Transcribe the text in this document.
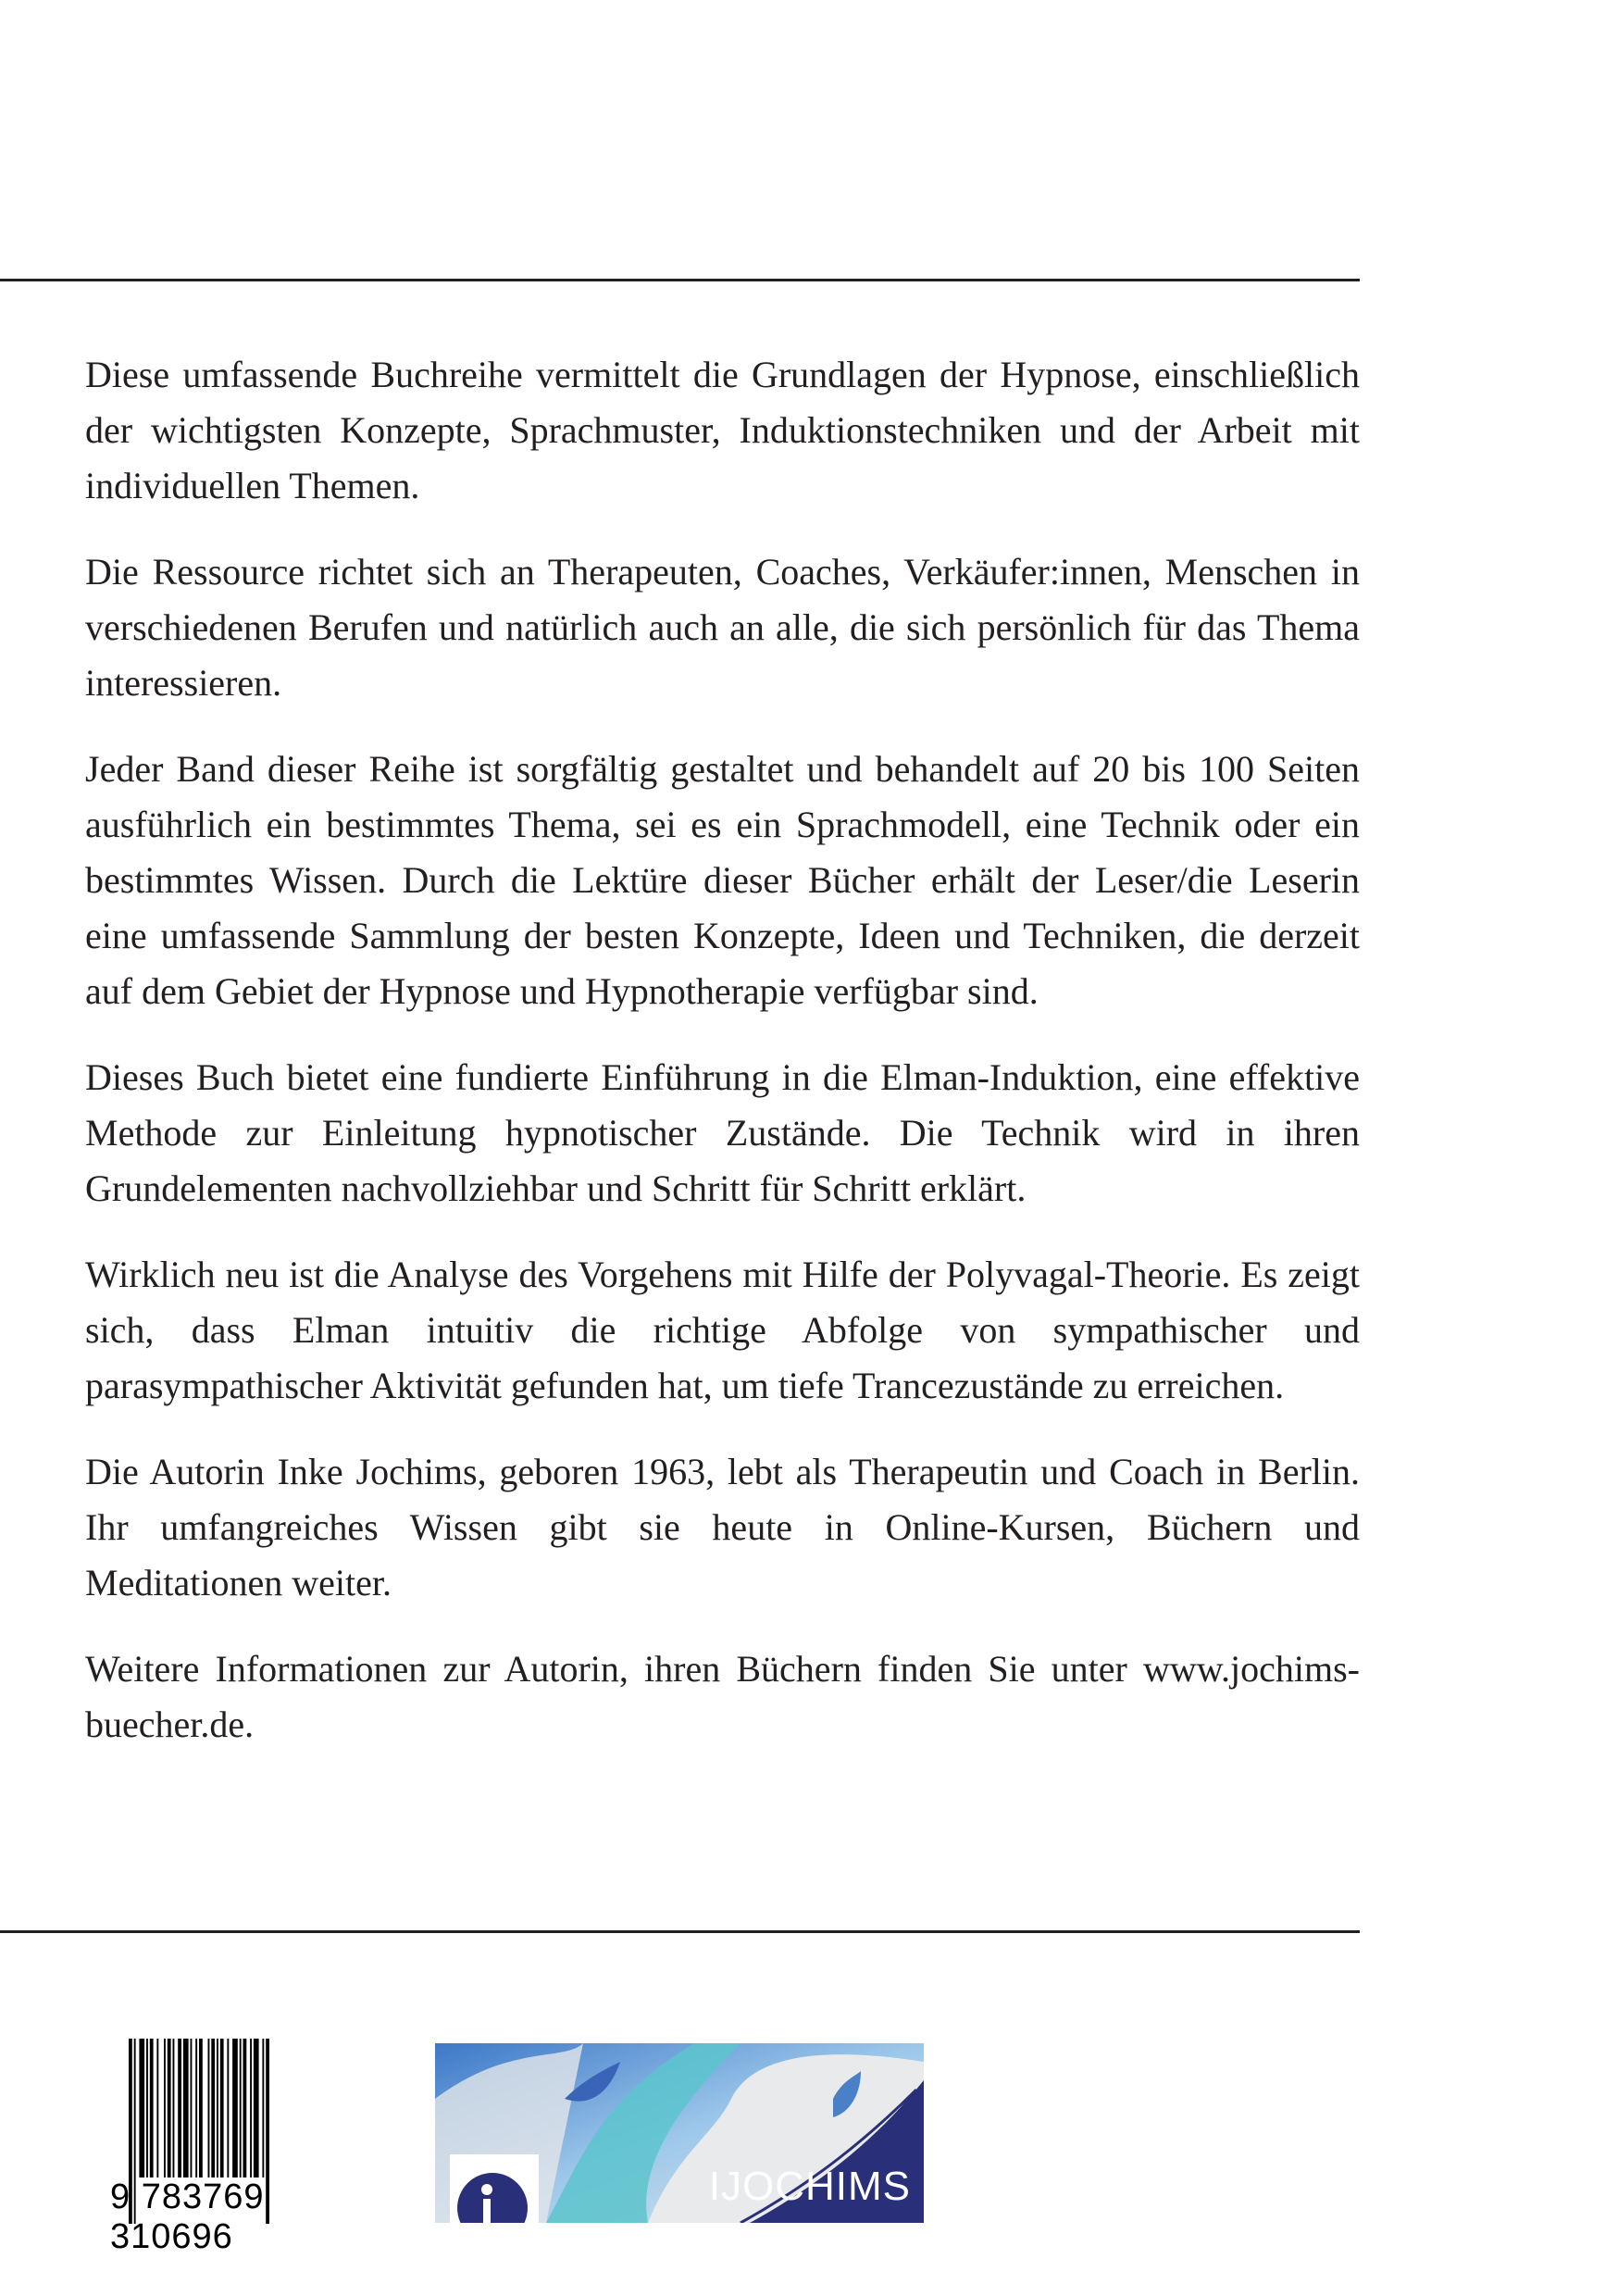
Diese umfassende Buchreihe vermittelt die Grundlagen der Hypnose, einschließlich der wichtigsten Konzepte, Sprachmuster, Induktionstechniken und der Arbeit mit individuellen Themen.

Die Ressource richtet sich an Therapeuten, Coaches, Verkäufer:innen, Menschen in verschiedenen Berufen und natürlich auch an alle, die sich persönlich für das Thema interessieren.

Jeder Band dieser Reihe ist sorgfältig gestaltet und behandelt auf 20 bis 100 Seiten ausführlich ein bestimmtes Thema, sei es ein Sprachmodell, eine Technik oder ein bestimmtes Wissen. Durch die Lektüre dieser Bücher erhält der Leser/die Leserin eine umfassende Sammlung der besten Konzepte, Ideen und Techniken, die derzeit auf dem Gebiet der Hypnose und Hypnotherapie verfügbar sind.

Dieses Buch bietet eine fundierte Einführung in die Elman-Induktion, eine effektive Methode zur Einleitung hypnotischer Zustände. Die Technik wird in ihren Grundelementen nachvollziehbar und Schritt für Schritt erklärt.

Wirklich neu ist die Analyse des Vorgehens mit Hilfe der Polyvagal-Theorie. Es zeigt sich, dass Elman intuitiv die richtige Abfolge von sympathischer und parasympathischer Aktivität gefunden hat, um tiefe Trancezustände zu erreichen.

Die Autorin Inke Jochims, geboren 1963, lebt als Therapeutin und Coach in Berlin. Ihr umfangreiches Wissen gibt sie heute in Online-Kursen, Büchern und Meditationen weiter.

Weitere Informationen zur Autorin, ihren Büchern finden Sie unter www.jochims-buecher.de.

9 783769 310696
IJOCHIMS
